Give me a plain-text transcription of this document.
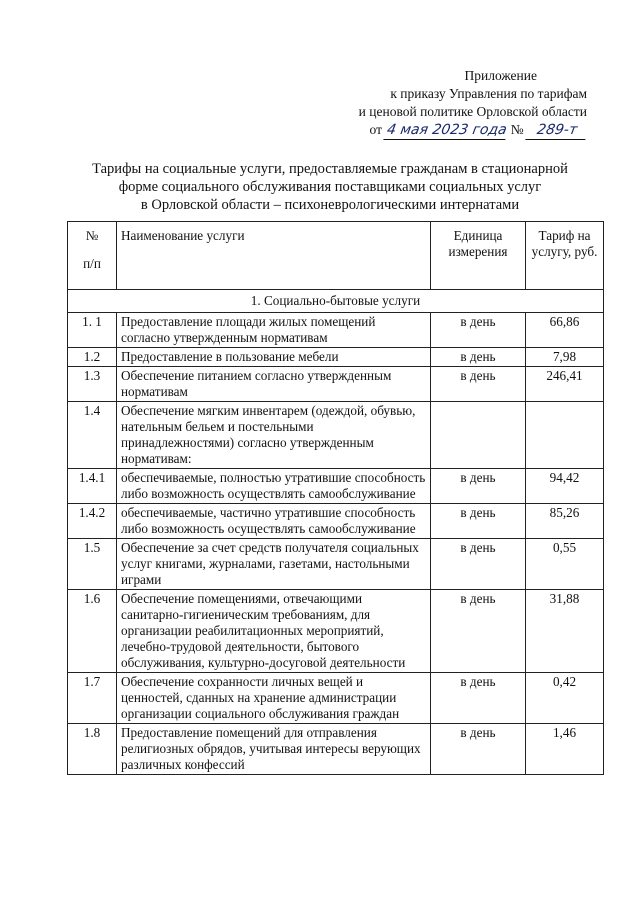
Приложение
к приказу Управления по тарифам
и ценовой политике Орловской области
от 4 мая 2023 года № 289-т
Тарифы на социальные услуги, предоставляемые гражданам в стационарной
форме социального обслуживания поставщиками социальных услуг
в Орловской области – психоневрологическими интернатами
№
п/п	Наименование услуги	Единица измерения	Тариф на услугу, руб.
1. Социально-бытовые услуги			
1. 1	Предоставление площади жилых помещений согласно утвержденным нормативам	в день	66,86
1.2	Предоставление в пользование мебели	в день	7,98
1.3	Обеспечение питанием согласно утвержденным нормативам	в день	246,41
1.4	Обеспечение мягким инвентарем (одеждой, обувью, нательным бельем и постельными принадлежностями) согласно утвержденным нормативам:		
1.4.1	обеспечиваемые, полностью утратившие способность либо возможность осуществлять самообслуживание	в день	94,42
1.4.2	обеспечиваемые, частично утратившие способность либо возможность осуществлять самообслуживание	в день	85,26
1.5	Обеспечение за счет средств получателя социальных услуг книгами, журналами, газетами, настольными играми	в день	0,55
1.6	Обеспечение помещениями, отвечающими санитарно-гигиеническим требованиям, для организации реабилитационных мероприятий, лечебно-трудовой деятельности, бытового обслуживания, культурно-досуговой деятельности	в день	31,88
1.7	Обеспечение сохранности личных вещей и ценностей, сданных на хранение администрации организации социального обслуживания граждан	в день	0,42
1.8	Предоставление помещений для отправления религиозных обрядов, учитывая интересы верующих различных конфессий	в день	1,46
